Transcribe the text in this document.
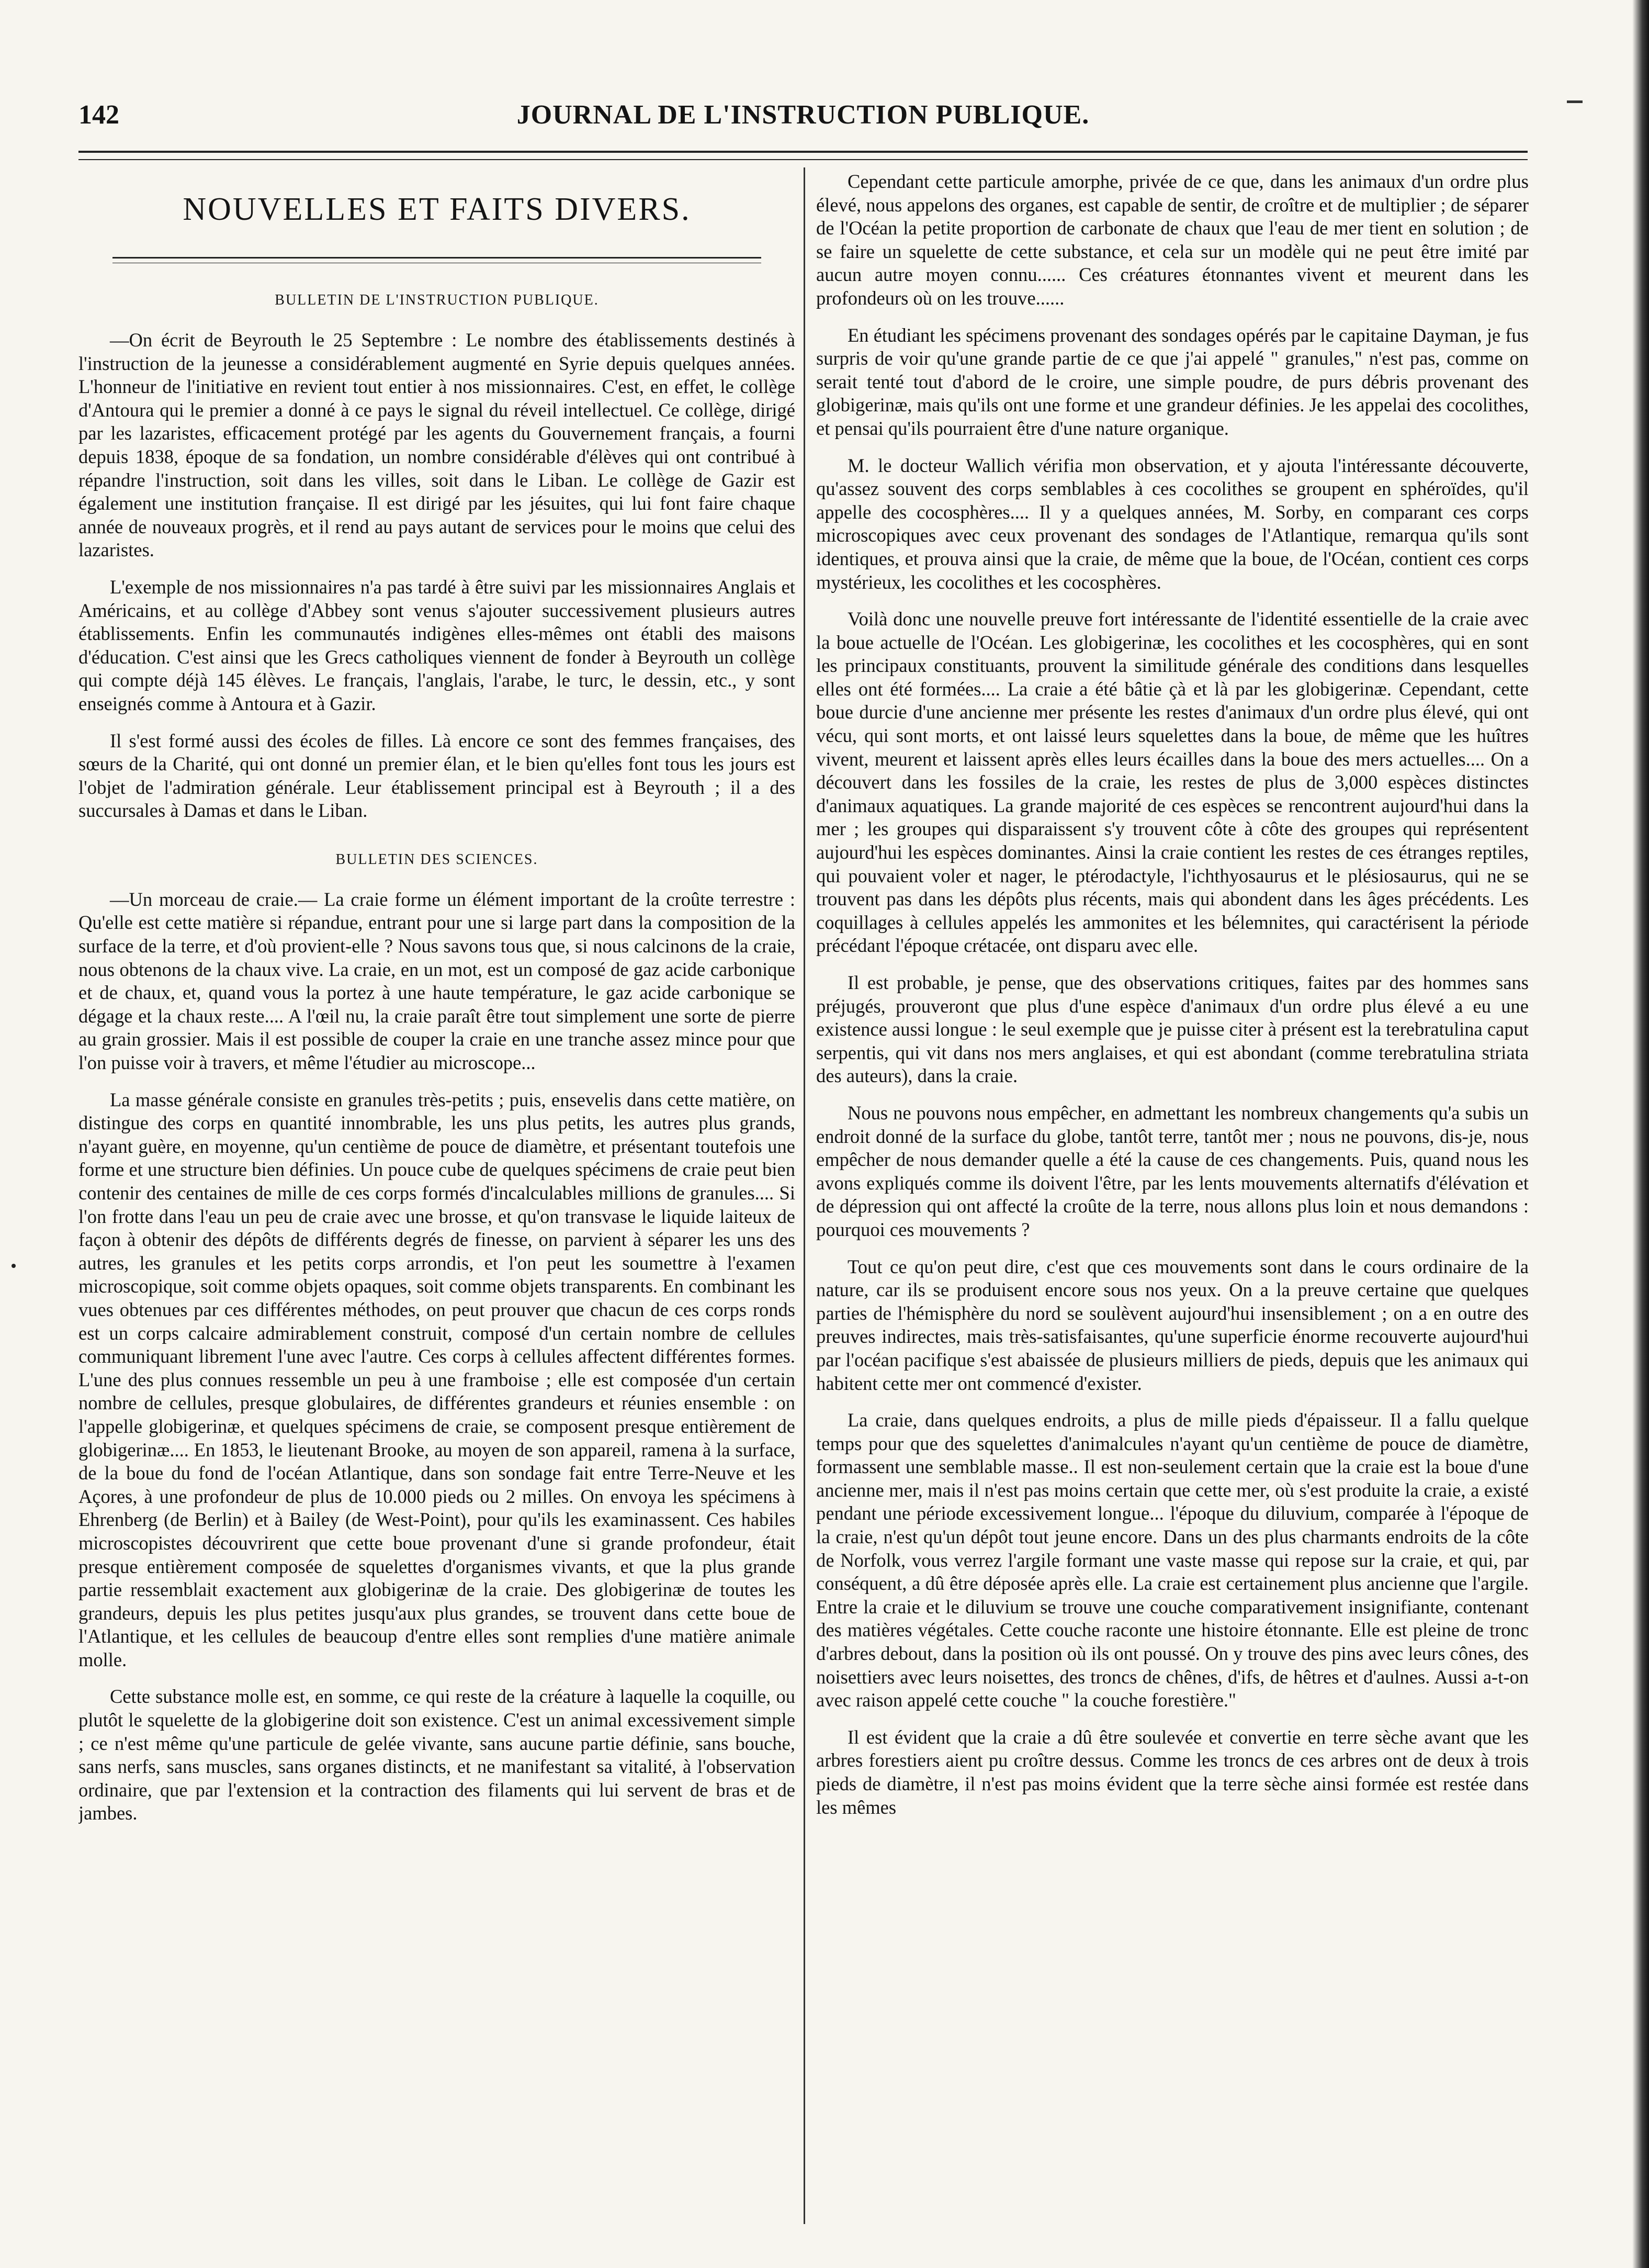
142	JOURNAL DE L'INSTRUCTION PUBLIQUE.
NOUVELLES ET FAITS DIVERS.
BULLETIN DE L'INSTRUCTION PUBLIQUE.

—On écrit de Beyrouth le 25 Septembre : Le nombre des établissements destinés à l'instruction de la jeunesse a considérablement augmenté en Syrie depuis quelques années. L'honneur de l'initiative en revient tout entier à nos missionnaires. C'est, en effet, le collège d'Antoura qui le premier a donné à ce pays le signal du réveil intellectuel. Ce collège, dirigé par les lazaristes, efficacement protégé par les agents du Gouvernement français, a fourni depuis 1838, époque de sa fondation, un nombre considérable d'élèves qui ont contribué à répandre l'instruction, soit dans les villes, soit dans le Liban. Le collège de Gazir est également une institution française. Il est dirigé par les jésuites, qui lui font faire chaque année de nouveaux progrès, et il rend au pays autant de services pour le moins que celui des lazaristes.

L'exemple de nos missionnaires n'a pas tardé à être suivi par les missionnaires Anglais et Américains, et au collège d'Abbey sont venus s'ajouter successivement plusieurs autres établissements. Enfin les communautés indigènes elles-mêmes ont établi des maisons d'éducation. C'est ainsi que les Grecs catholiques viennent de fonder à Beyrouth un collège qui compte déjà 145 élèves. Le français, l'anglais, l'arabe, le turc, le dessin, etc., y sont enseignés comme à Antoura et à Gazir.

Il s'est formé aussi des écoles de filles. Là encore ce sont des femmes françaises, des sœurs de la Charité, qui ont donné un premier élan, et le bien qu'elles font tous les jours est l'objet de l'admiration générale. Leur établissement principal est à Beyrouth ; il a des succursales à Damas et dans le Liban.

BULLETIN DES SCIENCES.

—Un morceau de craie.— La craie forme un élément important de la croûte terrestre : Qu'elle est cette matière si répandue, entrant pour une si large part dans la composition de la surface de la terre, et d'où provient-elle ? Nous savons tous que, si nous calcinons de la craie, nous obtenons de la chaux vive. La craie, en un mot, est un composé de gaz acide carbonique et de chaux, et, quand vous la portez à une haute température, le gaz acide carbonique se dégage et la chaux reste.... A l'œil nu, la craie paraît être tout simplement une sorte de pierre au grain grossier. Mais il est possible de couper la craie en une tranche assez mince pour que l'on puisse voir à travers, et même l'étudier au microscope...

La masse générale consiste en granules très-petits ; puis, ensevelis dans cette matière, on distingue des corps en quantité innombrable, les uns plus petits, les autres plus grands, n'ayant guère, en moyenne, qu'un centième de pouce de diamètre, et présentant toutefois une forme et une structure bien définies. Un pouce cube de quelques spécimens de craie peut bien contenir des centaines de mille de ces corps formés d'incalculables millions de granules.... Si l'on frotte dans l'eau un peu de craie avec une brosse, et qu'on transvase le liquide laiteux de façon à obtenir des dépôts de différents degrés de finesse, on parvient à séparer les uns des autres, les granules et les petits corps arrondis, et l'on peut les soumettre à l'examen microscopique, soit comme objets opaques, soit comme objets transparents. En combinant les vues obtenues par ces différentes méthodes, on peut prouver que chacun de ces corps ronds est un corps calcaire admirablement construit, composé d'un certain nombre de cellules communiquant librement l'une avec l'autre. Ces corps à cellules affectent différentes formes. L'une des plus connues ressemble un peu à une framboise ; elle est composée d'un certain nombre de cellules, presque globulaires, de différentes grandeurs et réunies ensemble : on l'appelle globigerinæ, et quelques spécimens de craie, se composent presque entièrement de globigerinæ.... En 1853, le lieutenant Brooke, au moyen de son appareil, ramena à la surface, de la boue du fond de l'océan Atlantique, dans son sondage fait entre Terre-Neuve et les Açores, à une profondeur de plus de 10.000 pieds ou 2 milles. On envoya les spécimens à Ehrenberg (de Berlin) et à Bailey (de West-Point), pour qu'ils les examinassent. Ces habiles microscopistes découvrirent que cette boue provenant d'une si grande profondeur, était presque entièrement composée de squelettes d'organismes vivants, et que la plus grande partie ressemblait exactement aux globigerinæ de la craie. Des globigerinæ de toutes les grandeurs, depuis les plus petites jusqu'aux plus grandes, se trouvent dans cette boue de l'Atlantique, et les cellules de beaucoup d'entre elles sont remplies d'une matière animale molle.

Cette substance molle est, en somme, ce qui reste de la créature à laquelle la coquille, ou plutôt le squelette de la globigerine doit son existence. C'est un animal excessivement simple ; ce n'est même qu'une particule de gelée vivante, sans aucune partie définie, sans bouche, sans nerfs, sans muscles, sans organes distincts, et ne manifestant sa vitalité, à l'observation ordinaire, que par l'extension et la contraction des filaments qui lui servent de bras et de jambes.

Cependant cette particule amorphe, privée de ce que, dans les animaux d'un ordre plus élevé, nous appelons des organes, est capable de sentir, de croître et de multiplier ; de séparer de l'Océan la petite proportion de carbonate de chaux que l'eau de mer tient en solution ; de se faire un squelette de cette substance, et cela sur un modèle qui ne peut être imité par aucun autre moyen connu...... Ces créatures étonnantes vivent et meurent dans les profondeurs où on les trouve......

En étudiant les spécimens provenant des sondages opérés par le capitaine Dayman, je fus surpris de voir qu'une grande partie de ce que j'ai appelé " granules," n'est pas, comme on serait tenté tout d'abord de le croire, une simple poudre, de purs débris provenant des globigerinæ, mais qu'ils ont une forme et une grandeur définies. Je les appelai des cocolithes, et pensai qu'ils pourraient être d'une nature organique.

M. le docteur Wallich vérifia mon observation, et y ajouta l'intéressante découverte, qu'assez souvent des corps semblables à ces cocolithes se groupent en sphéroïdes, qu'il appelle des cocosphères.... Il y a quelques années, M. Sorby, en comparant ces corps microscopiques avec ceux provenant des sondages de l'Atlantique, remarqua qu'ils sont identiques, et prouva ainsi que la craie, de même que la boue, de l'Océan, contient ces corps mystérieux, les cocolithes et les cocosphères.

Voilà donc une nouvelle preuve fort intéressante de l'identité essentielle de la craie avec la boue actuelle de l'Océan. Les globigerinæ, les cocolithes et les cocosphères, qui en sont les principaux constituants, prouvent la similitude générale des conditions dans lesquelles elles ont été formées.... La craie a été bâtie çà et là par les globigerinæ. Cependant, cette boue durcie d'une ancienne mer présente les restes d'animaux d'un ordre plus élevé, qui ont vécu, qui sont morts, et ont laissé leurs squelettes dans la boue, de même que les huîtres vivent, meurent et laissent après elles leurs écailles dans la boue des mers actuelles.... On a découvert dans les fossiles de la craie, les restes de plus de 3,000 espèces distinctes d'animaux aquatiques. La grande majorité de ces espèces se rencontrent aujourd'hui dans la mer ; les groupes qui disparaissent s'y trouvent côte à côte des groupes qui représentent aujourd'hui les espèces dominantes. Ainsi la craie contient les restes de ces étranges reptiles, qui pouvaient voler et nager, le ptérodactyle, l'ichthyosaurus et le plésiosaurus, qui ne se trouvent pas dans les dépôts plus récents, mais qui abondent dans les âges précédents. Les coquillages à cellules appelés les ammonites et les bélemnites, qui caractérisent la période précédant l'époque crétacée, ont disparu avec elle.

Il est probable, je pense, que des observations critiques, faites par des hommes sans préjugés, prouveront que plus d'une espèce d'animaux d'un ordre plus élevé a eu une existence aussi longue : le seul exemple que je puisse citer à présent est la terebratulina caput serpentis, qui vit dans nos mers anglaises, et qui est abondant (comme terebratulina striata des auteurs), dans la craie.

Nous ne pouvons nous empêcher, en admettant les nombreux changements qu'a subis un endroit donné de la surface du globe, tantôt terre, tantôt mer ; nous ne pouvons, dis-je, nous empêcher de nous demander quelle a été la cause de ces changements. Puis, quand nous les avons expliqués comme ils doivent l'être, par les lents mouvements alternatifs d'élévation et de dépression qui ont affecté la croûte de la terre, nous allons plus loin et nous demandons : pourquoi ces mouvements ?

Tout ce qu'on peut dire, c'est que ces mouvements sont dans le cours ordinaire de la nature, car ils se produisent encore sous nos yeux. On a la preuve certaine que quelques parties de l'hémisphère du nord se soulèvent aujourd'hui insensiblement ; on a en outre des preuves indirectes, mais très-satisfaisantes, qu'une superficie énorme recouverte aujourd'hui par l'océan pacifique s'est abaissée de plusieurs milliers de pieds, depuis que les animaux qui habitent cette mer ont commencé d'exister.

La craie, dans quelques endroits, a plus de mille pieds d'épaisseur. Il a fallu quelque temps pour que des squelettes d'animalcules n'ayant qu'un centième de pouce de diamètre, formassent une semblable masse.. Il est non-seulement certain que la craie est la boue d'une ancienne mer, mais il n'est pas moins certain que cette mer, où s'est produite la craie, a existé pendant une période excessivement longue... l'époque du diluvium, comparée à l'époque de la craie, n'est qu'un dépôt tout jeune encore. Dans un des plus charmants endroits de la côte de Norfolk, vous verrez l'argile formant une vaste masse qui repose sur la craie, et qui, par conséquent, a dû être déposée après elle. La craie est certainement plus ancienne que l'argile. Entre la craie et le diluvium se trouve une couche comparativement insignifiante, contenant des matières végétales. Cette couche raconte une histoire étonnante. Elle est pleine de tronc d'arbres debout, dans la position où ils ont poussé. On y trouve des pins avec leurs cônes, des noisettiers avec leurs noisettes, des troncs de chênes, d'ifs, de hêtres et d'aulnes. Aussi a-t-on avec raison appelé cette couche " la couche forestière."

Il est évident que la craie a dû être soulevée et convertie en terre sèche avant que les arbres forestiers aient pu croître dessus. Comme les troncs de ces arbres ont de deux à trois pieds de diamètre, il n'est pas moins évident que la terre sèche ainsi formée est restée dans les mêmes
